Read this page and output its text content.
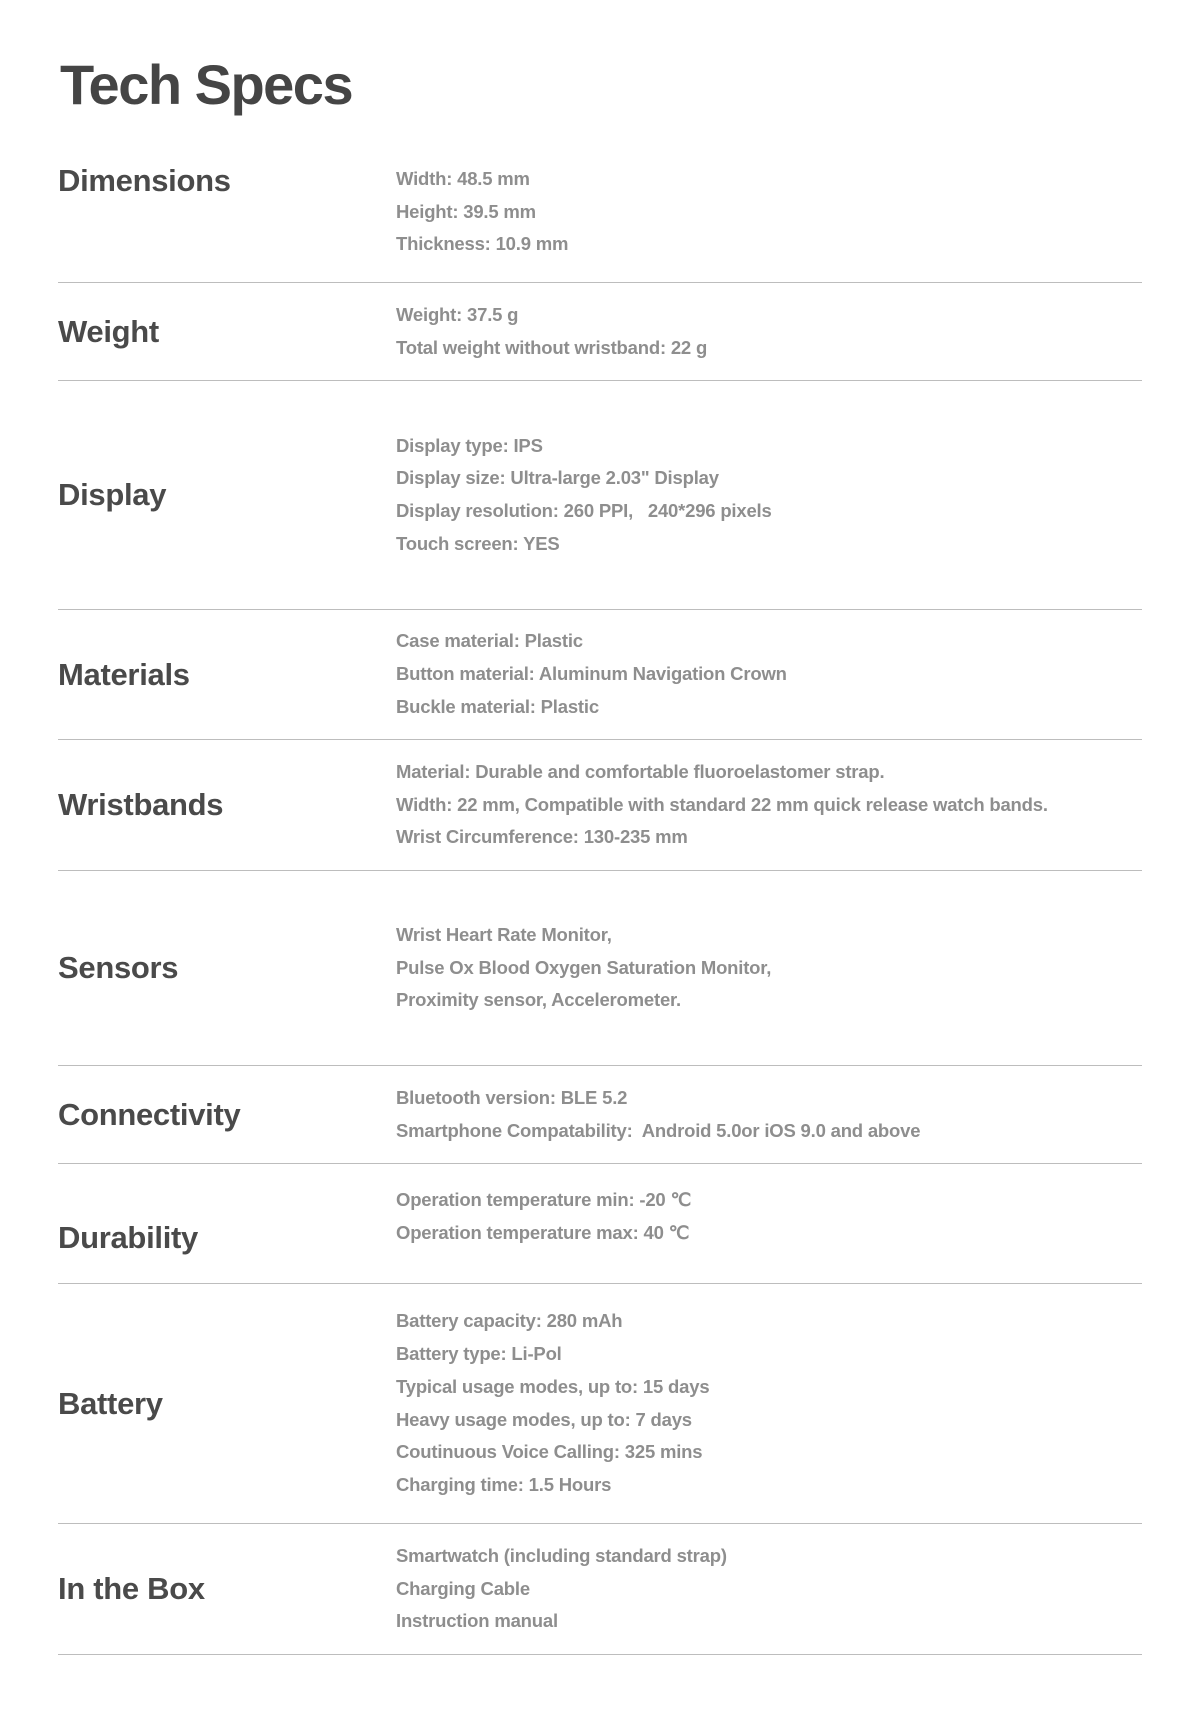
Tech Specs
Dimensions	Width: 48.5 mm
Height: 39.5 mm
Thickness: 10.9 mm
Weight	Weight: 37.5 g
Total weight without wristband: 22 g
Display
Display type: IPS
Display size: Ultra-large 2.03" Display
Display resolution: 260 PPI,   240*296 pixels
Touch screen: YES
Materials
Case material: Plastic
Button material: Aluminum Navigation Crown
Buckle material: Plastic
Wristbands
Material: Durable and comfortable fluoroelastomer strap.
Width: 22 mm, Compatible with standard 22 mm quick release watch bands.
Wrist Circumference: 130-235 mm
Sensors
Wrist Heart Rate Monitor,
Pulse Ox Blood Oxygen Saturation Monitor,
Proximity sensor, Accelerometer.
Connectivity	Bluetooth version: BLE 5.2
Smartphone Compatability:  Android 5.0or iOS 9.0 and above
Durability
Operation temperature min: -20 ℃
Operation temperature max: 40 ℃
Battery
Battery capacity: 280 mAh
Battery type: Li-Pol
Typical usage modes, up to: 15 days
Heavy usage modes, up to: 7 days
Coutinuous Voice Calling: 325 mins
Charging time: 1.5 Hours
In the Box
Smartwatch (including standard strap)
Charging Cable
Instruction manual
